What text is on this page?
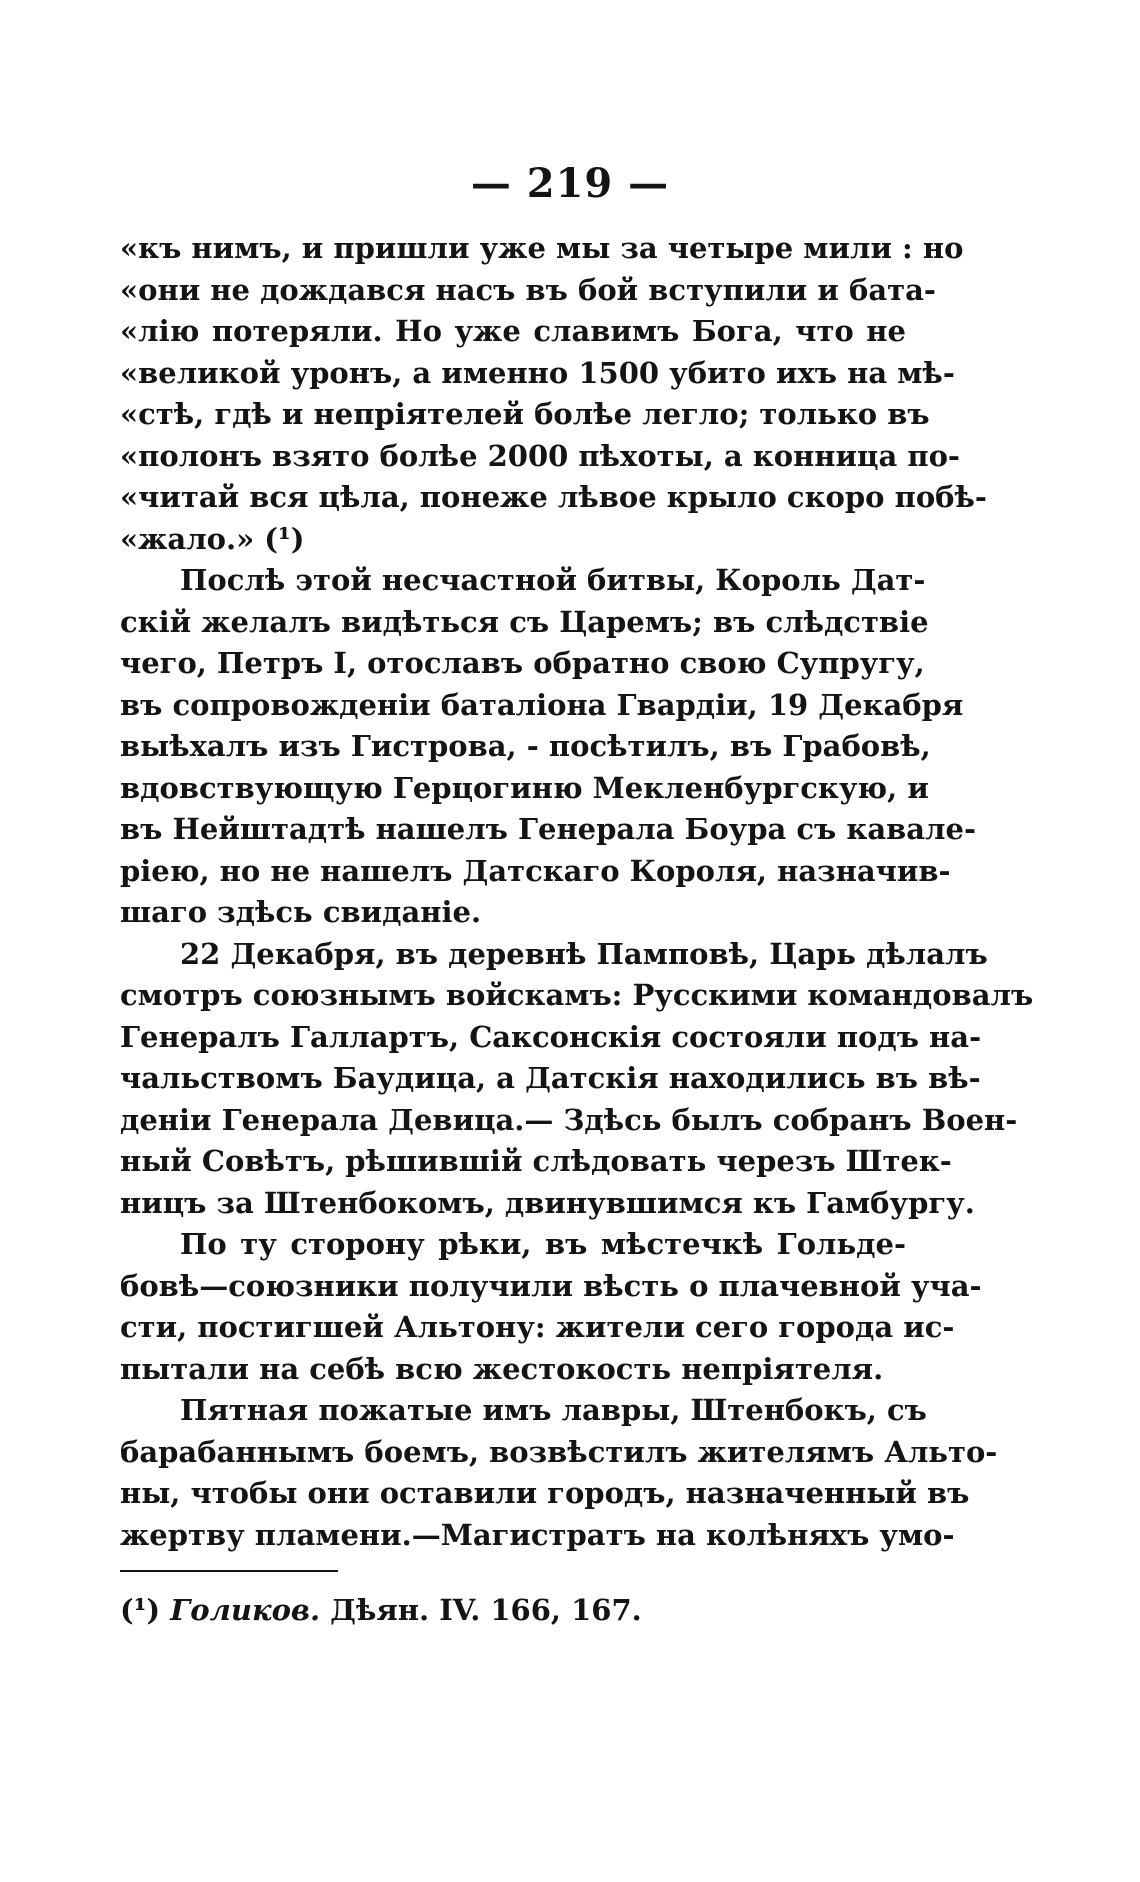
— 219 —
«къ нимъ, и пришли уже мы за четыре мили : но
«они не дождався насъ въ бой вступили и бата-
«лію потеряли. Но уже славимъ Бога, что не
«великой уронъ, а именно 1500 убито ихъ на мѣ-
«стѣ, гдѣ и непріятелей болѣе легло; только въ
«полонъ взято болѣе 2000 пѣхоты, а конница по-
«читай вся цѣла, понеже лѣвое крыло скоро побѣ-
«жало.» (¹)
Послѣ этой несчастной битвы, Король Дат-
скій желалъ видѣться съ Царемъ; въ слѣдствіе
чего, Петръ I, отославъ обратно свою Супругу,
въ сопровожденіи баталіона Гвардіи, 19 Декабря
выѣхалъ изъ Гистрова, - посѣтилъ, въ Грабовѣ,
вдовствующую Герцогиню Мекленбургскую, и
въ Нейштадтѣ нашелъ Генерала Боура съ кавале-
ріею, но не нашелъ Датскаго Короля, назначив-
шаго здѣсь свиданіе.
22 Декабря, въ деревнѣ Памповѣ, Царь дѣлалъ
смотръ союзнымъ войскамъ: Русскими командовалъ
Генералъ Галлартъ, Саксонскія состояли подъ на-
чальствомъ Баудица, а Датскія находились въ вѣ-
деніи Генерала Девица.— Здѣсь былъ собранъ Воен-
ный Совѣтъ, рѣшившій слѣдовать черезъ Штек-
ницъ за Штенбокомъ, двинувшимся къ Гамбургу.
По ту сторону рѣки, въ мѣстечкѣ Гольде-
бовѣ—союзники получили вѣсть о плачевной уча-
сти, постигшей Альтону: жители сего города ис-
пытали на себѣ всю жестокость непріятеля.
Пятная пожатые имъ лавры, Штенбокъ, съ
барабаннымъ боемъ, возвѣстилъ жителямъ Альто-
ны, чтобы они оставили городъ, назначенный въ
жертву пламени.—Магистратъ на колѣняхъ умо-
(¹) Голиков. Дѣян. IV. 166, 167.
